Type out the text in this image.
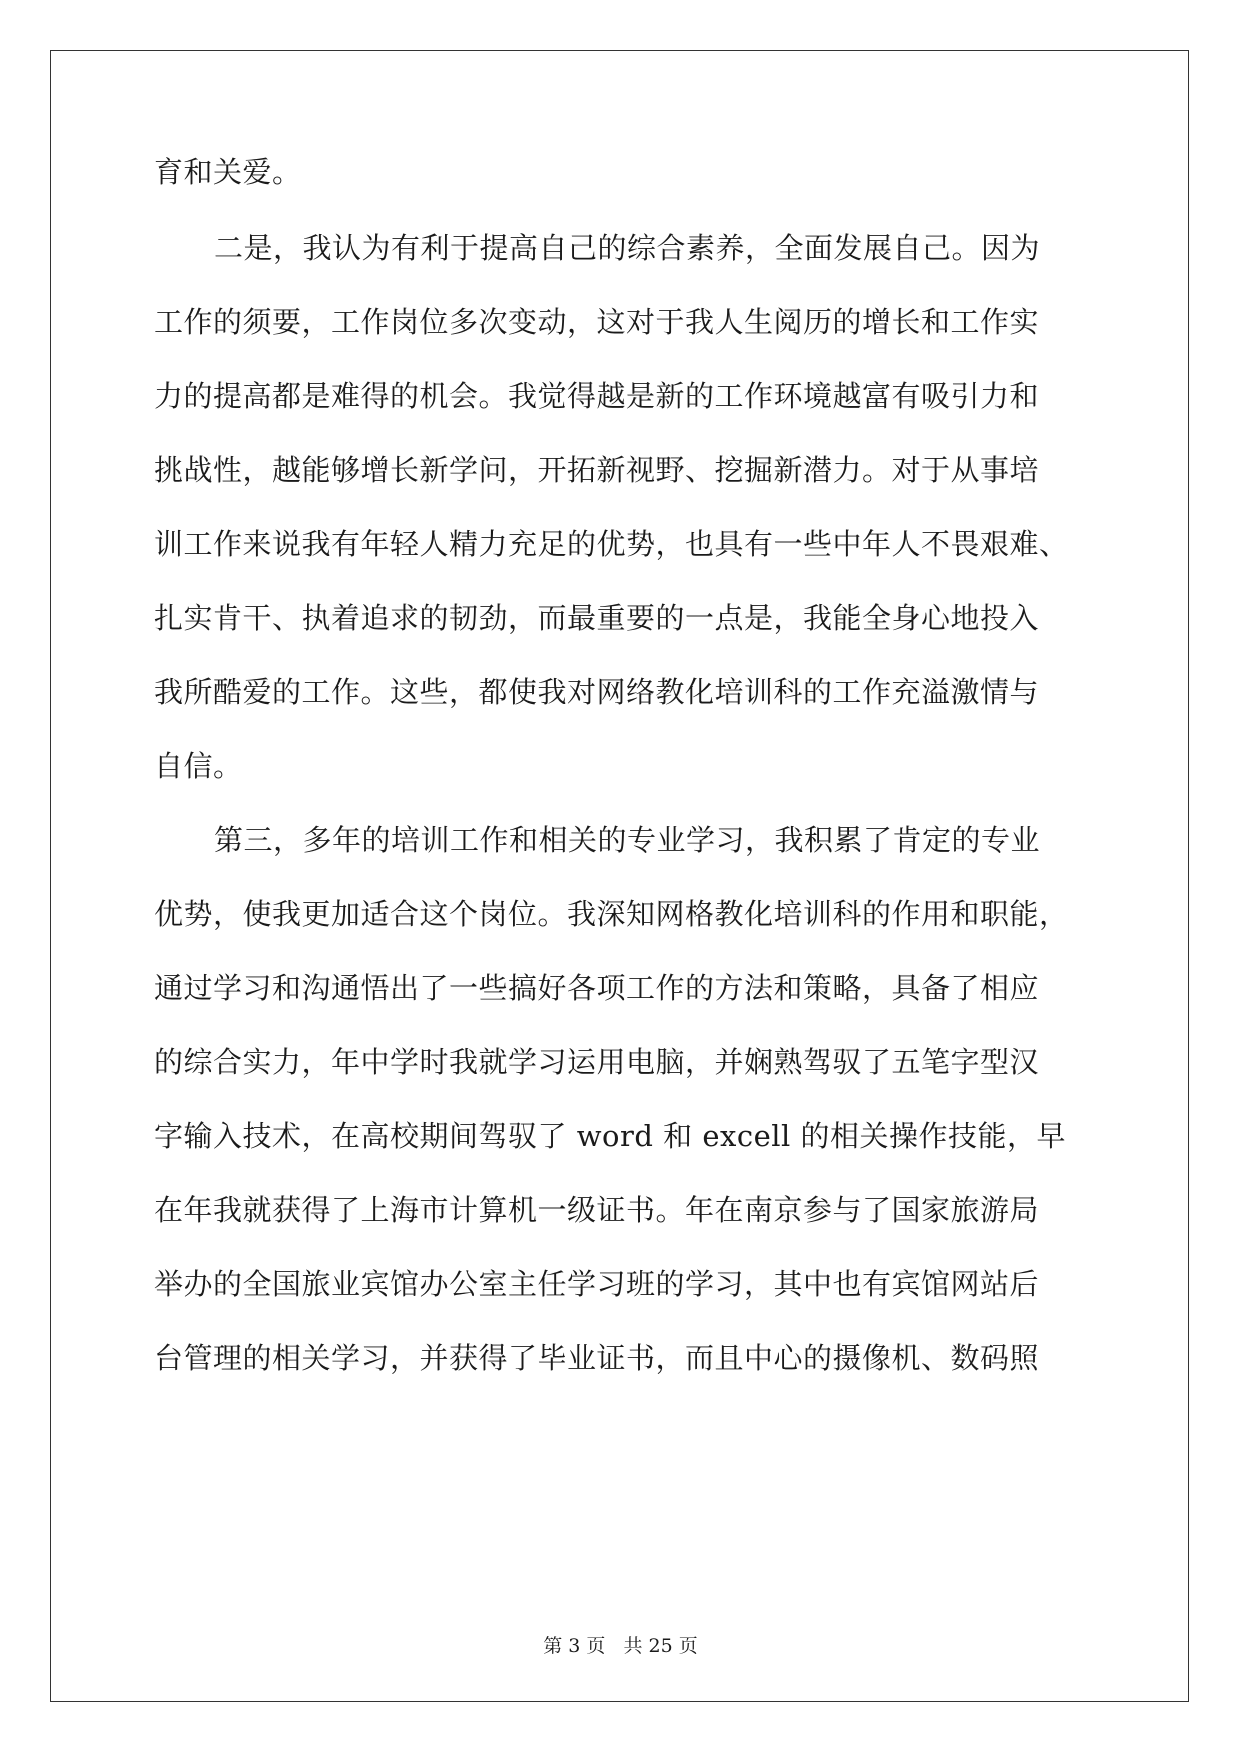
育和关爱。
二是，我认为有利于提高自己的综合素养，全面发展自己。因为
工作的须要，工作岗位多次变动，这对于我人生阅历的增长和工作实
力的提高都是难得的机会。我觉得越是新的工作环境越富有吸引力和
挑战性，越能够增长新学问，开拓新视野、挖掘新潜力。对于从事培
训工作来说我有年轻人精力充足的优势，也具有一些中年人不畏艰难、
扎实肯干、执着追求的韧劲，而最重要的一点是，我能全身心地投入
我所酷爱的工作。这些，都使我对网络教化培训科的工作充溢激情与
自信。
第三，多年的培训工作和相关的专业学习，我积累了肯定的专业
优势，使我更加适合这个岗位。我深知网格教化培训科的作用和职能，
通过学习和沟通悟出了一些搞好各项工作的方法和策略，具备了相应
的综合实力，年中学时我就学习运用电脑，并娴熟驾驭了五笔字型汉
字输入技术，在高校期间驾驭了 word 和 excell 的相关操作技能，早
在年我就获得了上海市计算机一级证书。年在南京参与了国家旅游局
举办的全国旅业宾馆办公室主任学习班的学习，其中也有宾馆网站后
台管理的相关学习，并获得了毕业证书，而且中心的摄像机、数码照
第 3 页 共 25 页
